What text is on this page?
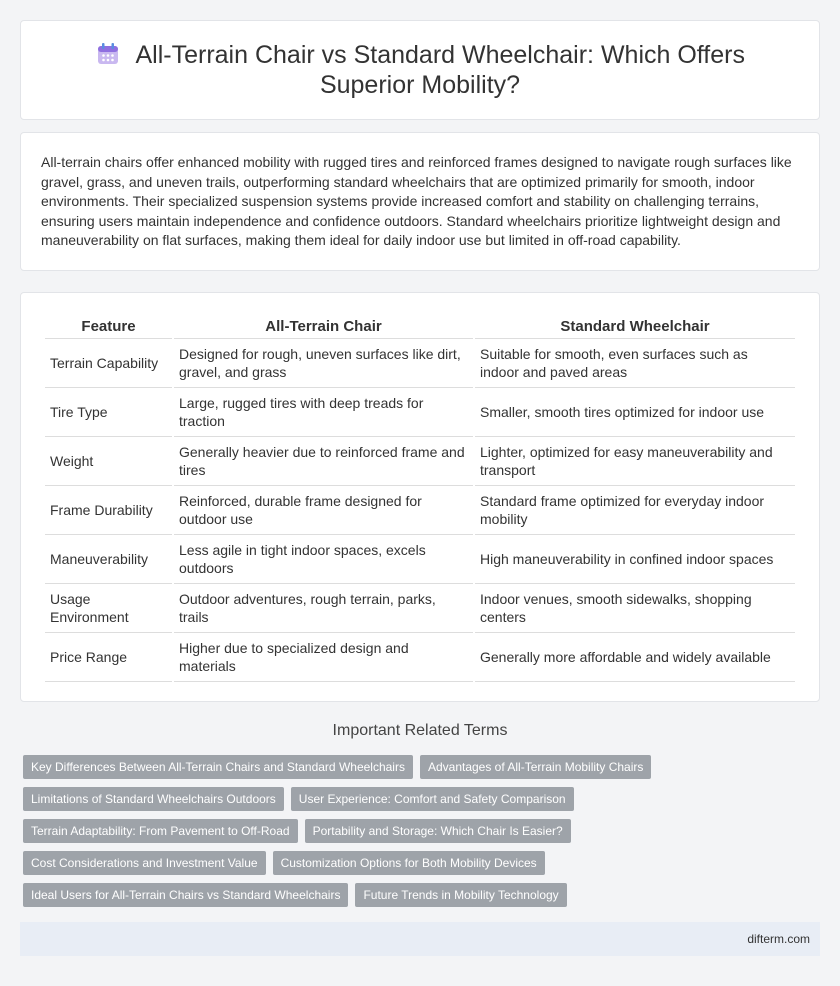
All-Terrain Chair vs Standard Wheelchair: Which Offers Superior Mobility?

All-terrain chairs offer enhanced mobility with rugged tires and reinforced frames designed to navigate rough surfaces like gravel, grass, and uneven trails, outperforming standard wheelchairs that are optimized primarily for smooth, indoor environments. Their specialized suspension systems provide increased comfort and stability on challenging terrains, ensuring users maintain independence and confidence outdoors. Standard wheelchairs prioritize lightweight design and maneuverability on flat surfaces, making them ideal for daily indoor use but limited in off-road capability.

Feature	All-Terrain Chair	Standard Wheelchair
Terrain Capability	Designed for rough, uneven surfaces like dirt, gravel, and grass	Suitable for smooth, even surfaces such as indoor and paved areas
Tire Type	Large, rugged tires with deep treads for traction	Smaller, smooth tires optimized for indoor use
Weight	Generally heavier due to reinforced frame and tires	Lighter, optimized for easy maneuverability and transport
Frame Durability	Reinforced, durable frame designed for outdoor use	Standard frame optimized for everyday indoor mobility
Maneuverability	Less agile in tight indoor spaces, excels outdoors	High maneuverability in confined indoor spaces
Usage Environment	Outdoor adventures, rough terrain, parks, trails	Indoor venues, smooth sidewalks, shopping centers
Price Range	Higher due to specialized design and materials	Generally more affordable and widely available
Important Related Terms
Key Differences Between All-Terrain Chairs and Standard Wheelchairs	Advantages of All-Terrain Mobility Chairs
Limitations of Standard Wheelchairs Outdoors	User Experience: Comfort and Safety Comparison
Terrain Adaptability: From Pavement to Off-Road	Portability and Storage: Which Chair Is Easier?
Cost Considerations and Investment Value	Customization Options for Both Mobility Devices
Ideal Users for All-Terrain Chairs vs Standard Wheelchairs	Future Trends in Mobility Technology
difterm.com
